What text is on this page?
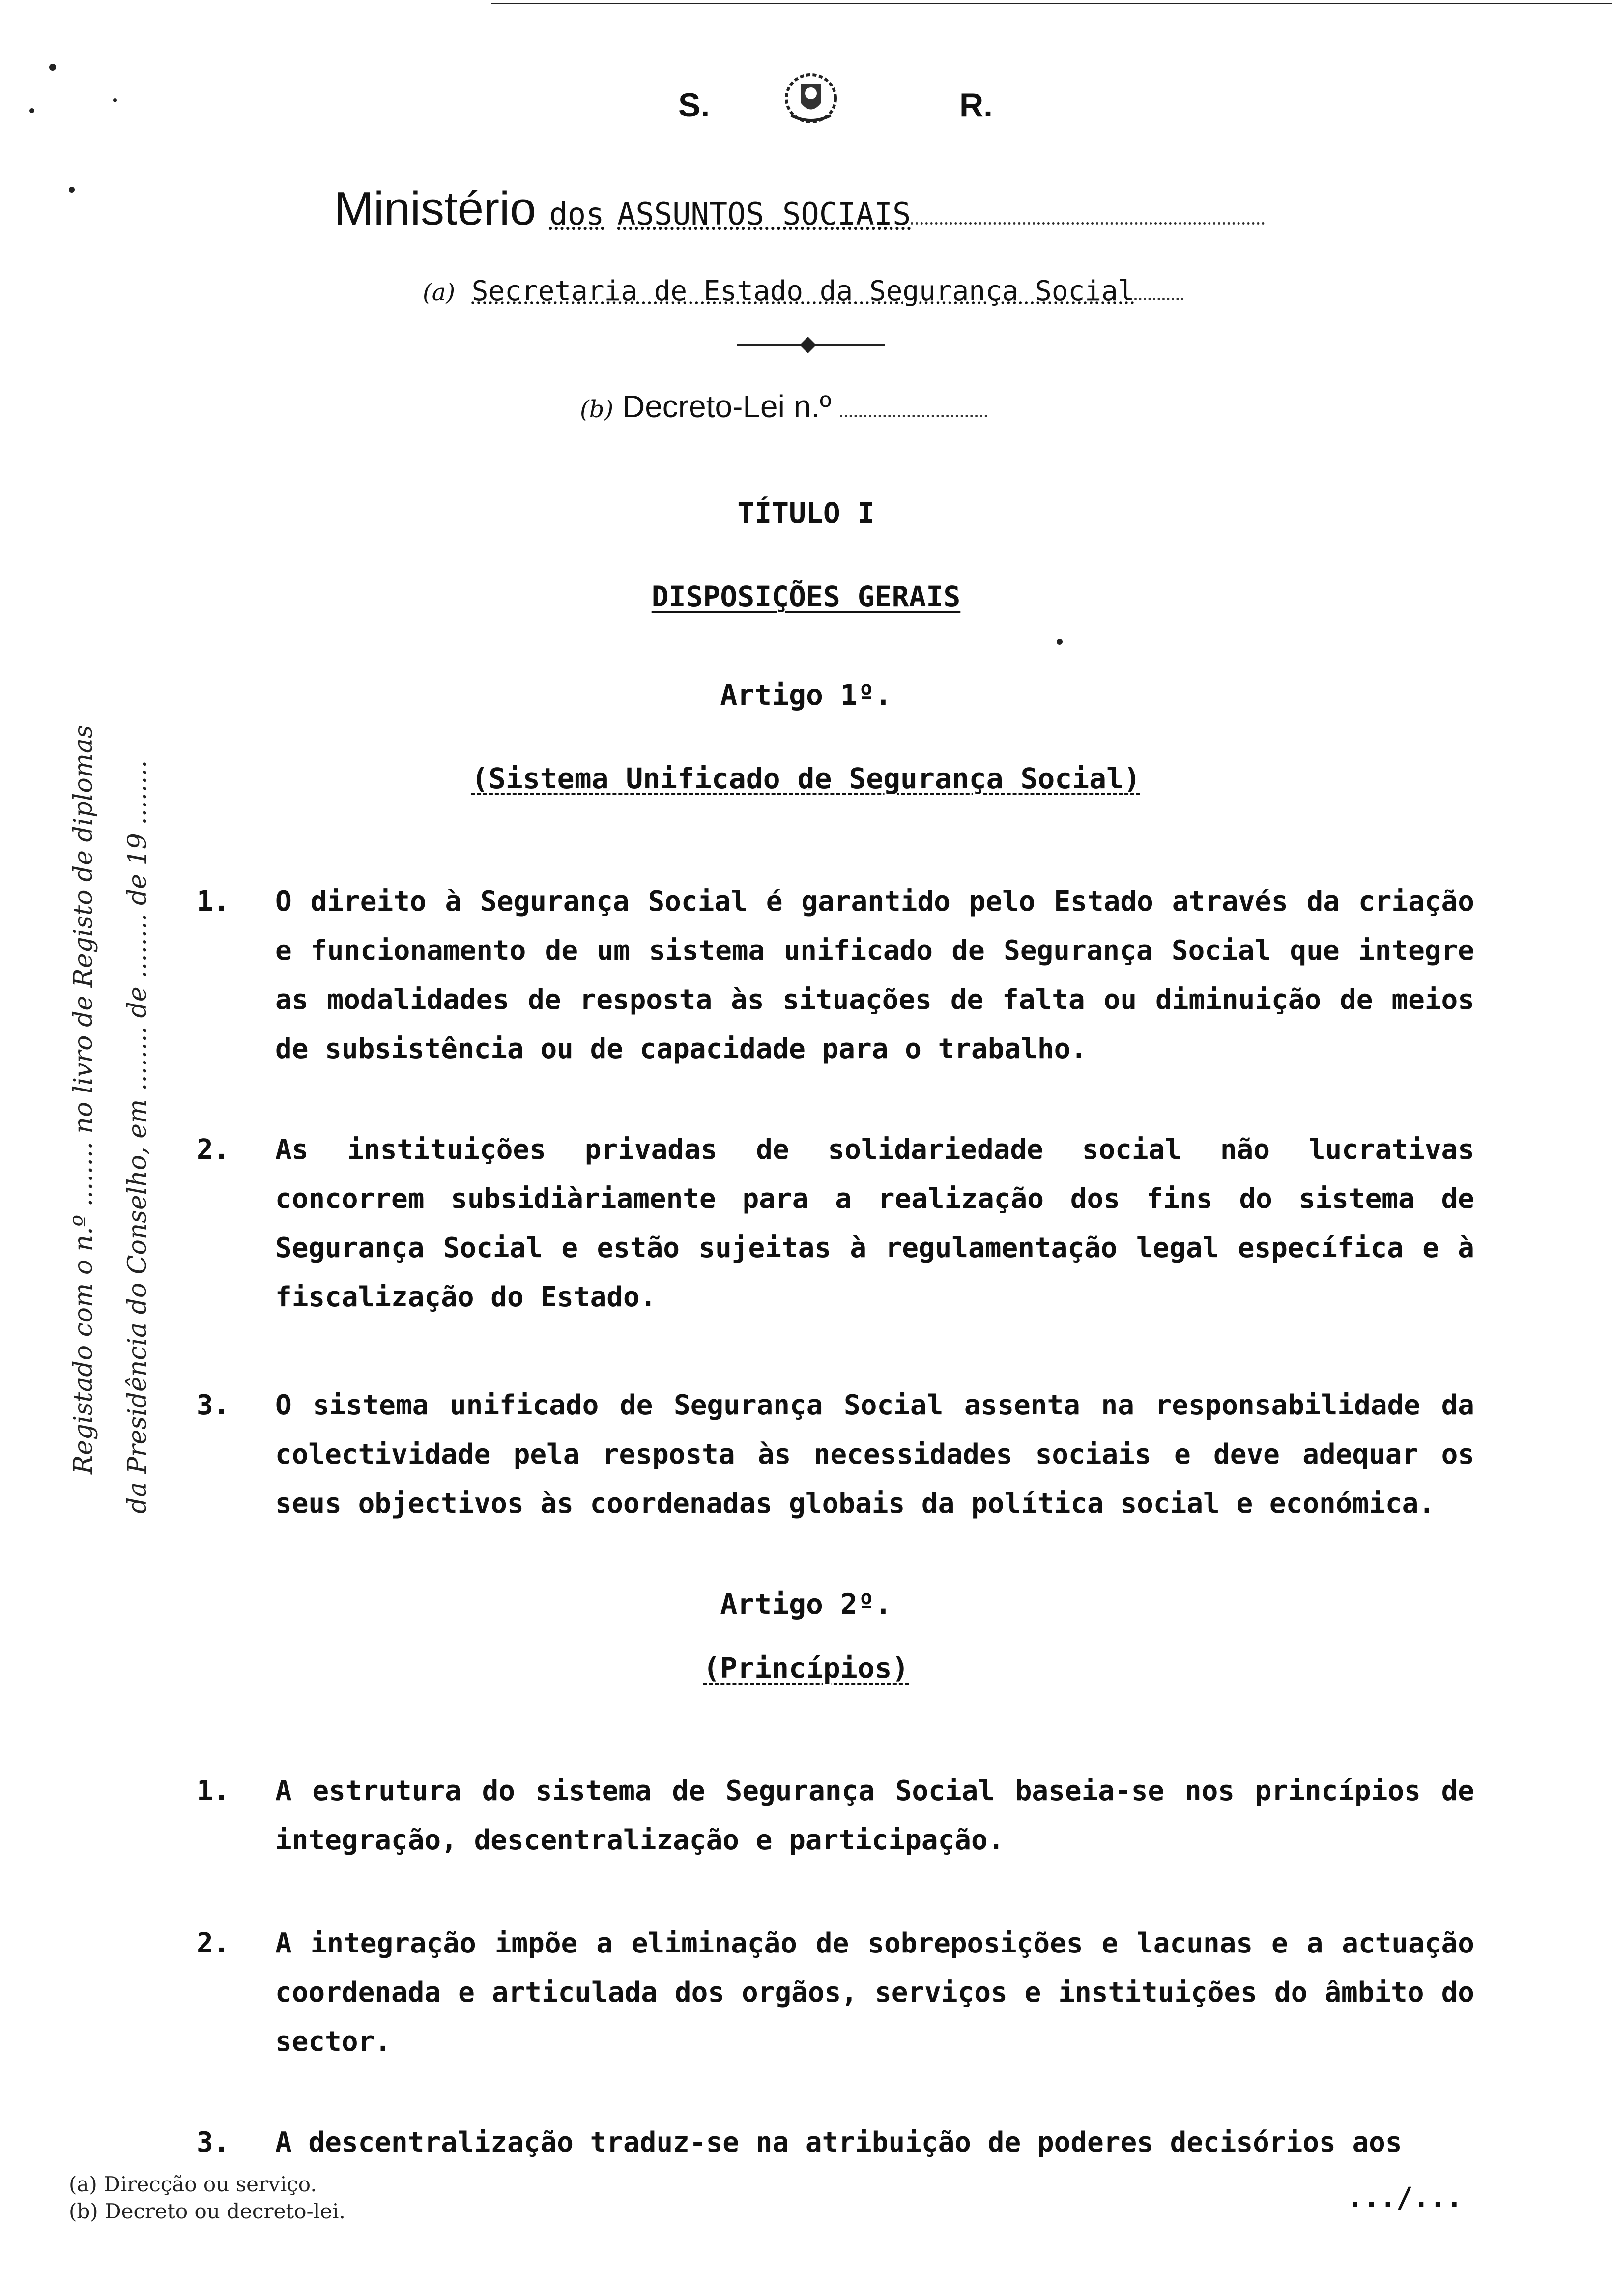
S.	R.
Ministério dos ASSUNTOS SOCIAIS
(a) Secretaria de Estado da Segurança Social
(b) Decreto-Lei n.º
TÍTULO I
DISPOSIÇÕES GERAIS
Artigo 1º.
(Sistema Unificado de Segurança Social)
1. O direito à Segurança Social é garantido pelo Estado através da criação e funcionamento de um sistema unificado de Segurança Social que integre as modalidades de resposta às situações de falta ou diminuição de meios de subsistência ou de capacidade para o trabalho.
2. As instituições privadas de solidariedade social não lucrativas concorrem subsidiàriamente para a realização dos fins do sistema de Segurança Social e estão sujeitas à regulamentação legal específica e à fiscalização do Estado.
3. O sistema unificado de Segurança Social assenta na responsabilidade da colectividade pela resposta às necessidades sociais e deve adequar os seus objectivos às coordenadas globais da política social e económica.
Artigo 2º.
(Princípios)
1. A estrutura do sistema de Segurança Social baseia-se nos princípios de integração, descentralização e participação.
2. A integração impõe a eliminação de sobreposições e lacunas e a actuação coordenada e articulada dos orgãos, serviços e instituições do âmbito do sector.
3. A descentralização traduz-se na atribuição de poderes decisórios aos
Registado com o n.º ........ no livro de Registo de diplomas da Presidência do Conselho, em ........ de ........ de 19 ........
(a) Direcção ou serviço.
(b) Decreto ou decreto-lei.	.../...
